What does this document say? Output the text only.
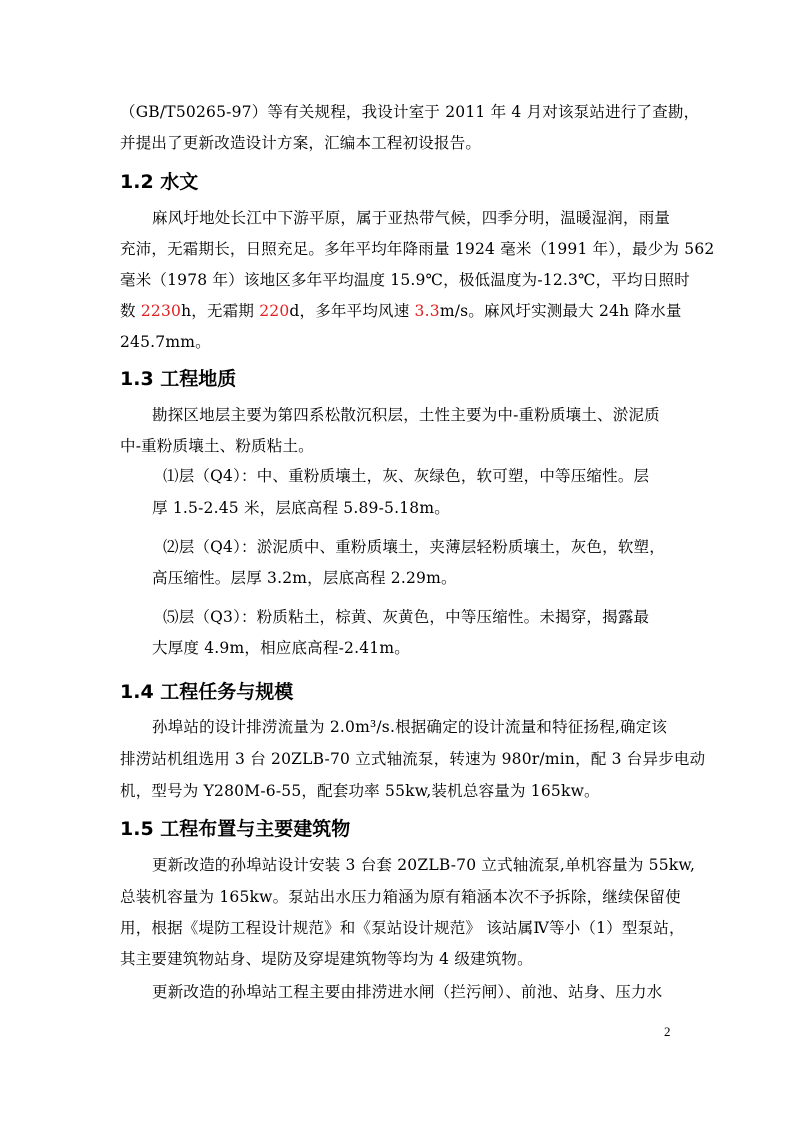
（GB/T50265-97）等有关规程，我设计室于 2011 年 4 月对该泵站进行了查勘，
并提出了更新改造设计方案，汇编本工程初设报告。
1.2 水文
麻风圩地处长江中下游平原，属于亚热带气候，四季分明，温暖湿润，雨量
充沛，无霜期长，日照充足。多年平均年降雨量 1924 毫米（1991 年），最少为 562
毫米（1978 年）该地区多年平均温度 15.9℃，极低温度为-12.3℃，平均日照时
数 2230h，无霜期 220d，多年平均风速 3.3m/s。麻风圩实测最大 24h 降水量
245.7mm。
1.3 工程地质
勘探区地层主要为第四系松散沉积层，土性主要为中-重粉质壤土、淤泥质
中-重粉质壤土、粉质粘土。
⑴层（Q4）：中、重粉质壤土，灰、灰绿色，软可塑，中等压缩性。层
厚 1.5-2.45 米，层底高程 5.89-5.18m。
⑵层（Q4）：淤泥质中、重粉质壤土，夹薄层轻粉质壤土，灰色，软塑，
高压缩性。层厚 3.2m，层底高程 2.29m。
⑸层（Q3）：粉质粘土，棕黄、灰黄色，中等压缩性。未揭穿，揭露最
大厚度 4.9m，相应底高程-2.41m。
1.4 工程任务与规模
孙埠站的设计排涝流量为 2.0m³/s.根据确定的设计流量和特征扬程,确定该
排涝站机组选用 3 台 20ZLB-70 立式轴流泵，转速为 980r/min，配 3 台异步电动
机，型号为 Y280M-6-55，配套功率 55kw,装机总容量为 165kw。
1.5 工程布置与主要建筑物
更新改造的孙埠站设计安装 3 台套 20ZLB-70 立式轴流泵,单机容量为 55kw,
总装机容量为 165kw。泵站出水压力箱涵为原有箱涵本次不予拆除，继续保留使
用，根据《堤防工程设计规范》和《泵站设计规范》 该站属Ⅳ等小（1）型泵站，
其主要建筑物站身、堤防及穿堤建筑物等均为 4 级建筑物。
更新改造的孙埠站工程主要由排涝进水闸（拦污闸）、前池、站身、压力水
2
